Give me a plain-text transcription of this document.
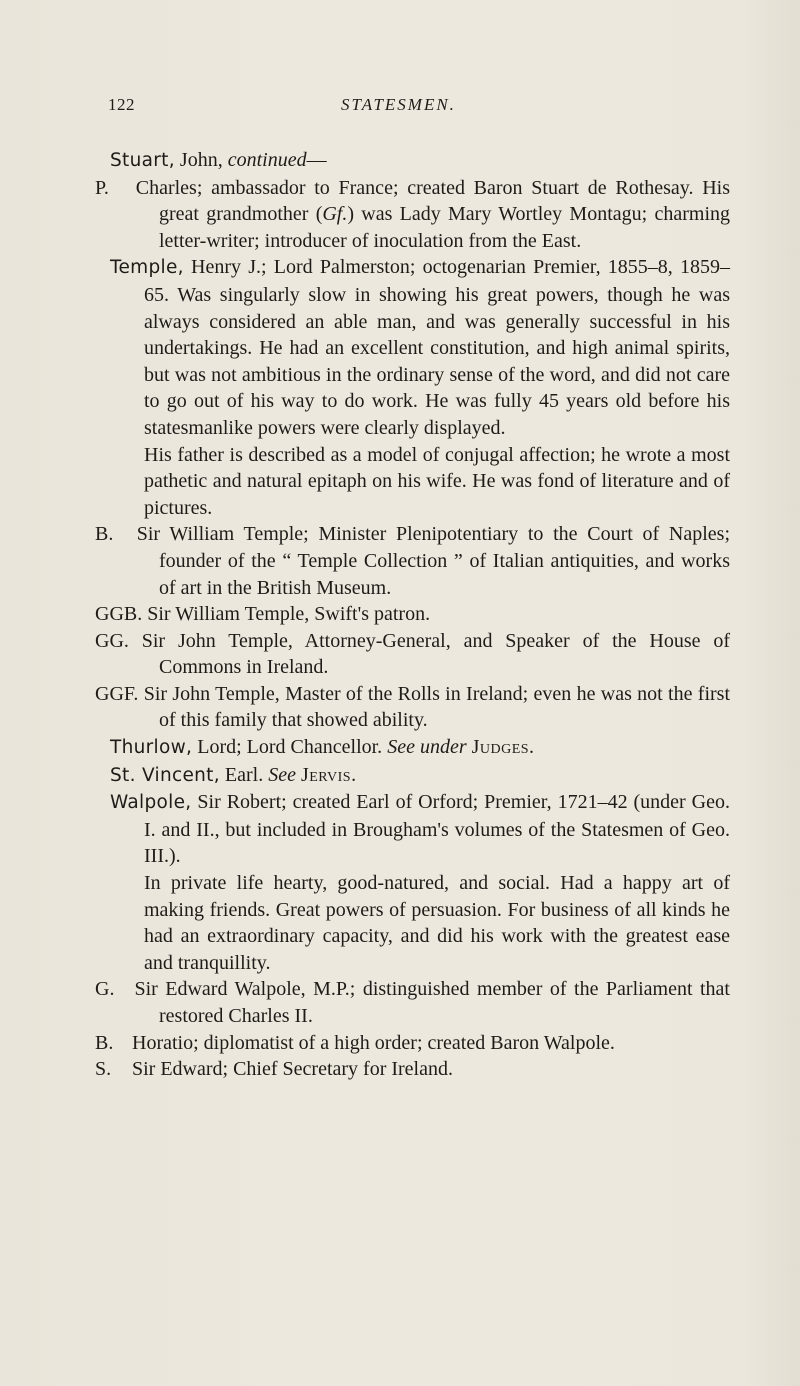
122	STATESMEN.

Stuart, John, continued—

P. Charles; ambassador to France; created Baron Stuart de Rothesay. His great grandmother (Gf.) was Lady Mary Wortley Montagu; charming letter-writer; introducer of inoculation from the East.

Temple, Henry J.; Lord Palmerston; octogenarian Premier, 1855–8, 1859–65. Was singularly slow in showing his great powers, though he was always considered an able man, and was generally successful in his undertakings. He had an excellent constitution, and high animal spirits, but was not ambitious in the ordinary sense of the word, and did not care to go out of his way to do work. He was fully 45 years old before his statesmanlike powers were clearly displayed.

His father is described as a model of conjugal affection; he wrote a most pathetic and natural epitaph on his wife. He was fond of literature and of pictures.

B. Sir William Temple; Minister Plenipotentiary to the Court of Naples; founder of the “ Temple Collection ” of Italian antiquities, and works of art in the British Museum.

GGB. Sir William Temple, Swift's patron.

GG. Sir John Temple, Attorney-General, and Speaker of the House of Commons in Ireland.

GGF. Sir John Temple, Master of the Rolls in Ireland; even he was not the first of this family that showed ability.

Thurlow, Lord; Lord Chancellor. See under Judges.

St. Vincent, Earl. See Jervis.

Walpole, Sir Robert; created Earl of Orford; Premier, 1721–42 (under Geo. I. and II., but included in Brougham's volumes of the Statesmen of Geo. III.).

In private life hearty, good-natured, and social. Had a happy art of making friends. Great powers of persuasion. For business of all kinds he had an extraordinary capacity, and did his work with the greatest ease and tranquillity.

G. Sir Edward Walpole, M.P.; distinguished member of the Parliament that restored Charles II.

B. Horatio; diplomatist of a high order; created Baron Walpole.

S. Sir Edward; Chief Secretary for Ireland.
